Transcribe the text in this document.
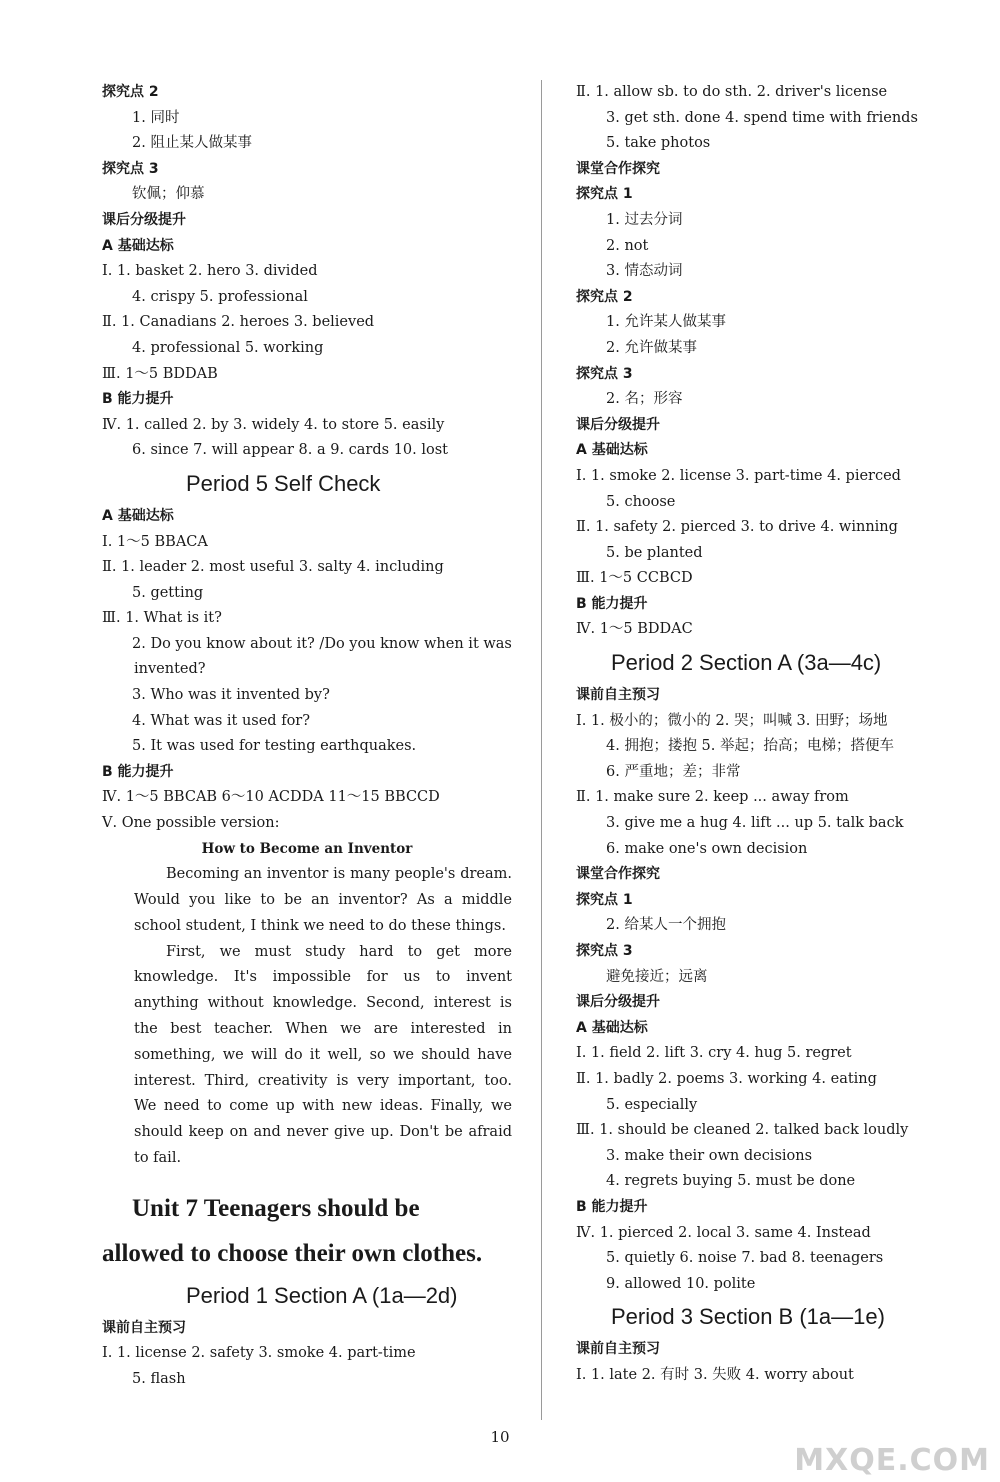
探究点 2
1. 同时
2. 阻止某人做某事
探究点 3
钦佩；仰慕
课后分级提升
A 基础达标
Ⅰ. 1. basket 2. hero 3. divided
4. crispy 5. professional
Ⅱ. 1. Canadians 2. heroes 3. believed
4. professional 5. working
Ⅲ. 1～5 BDDAB
B 能力提升
Ⅳ. 1. called 2. by 3. widely 4. to store 5. easily
6. since 7. will appear 8. a 9. cards 10. lost
Period 5 Self Check
A 基础达标
Ⅰ. 1～5 BBACA
Ⅱ. 1. leader 2. most useful 3. salty 4. including
5. getting
Ⅲ. 1. What is it?
2. Do you know about it? /Do you know when it was
invented?
3. Who was it invented by?
4. What was it used for?
5. It was used for testing earthquakes.
B 能力提升
Ⅳ. 1～5 BBCAB 6～10 ACDDA 11～15 BBCCD
Ⅴ. One possible version:
How to Become an Inventor
Becoming an inventor is many people's dream. Would you like to be an inventor? As a middle school student, I think we need to do these things.
First, we must study hard to get more knowledge. It's impossible for us to invent anything without knowledge. Second, interest is the best teacher. When we are interested in something, we will do it well, so we should have interest. Third, creativity is very important, too. We need to come up with new ideas. Finally, we should keep on and never give up. Don't be afraid to fail.
Unit 7 Teenagers should be
allowed to choose their own clothes.
Period 1 Section A (1a—2d)
课前自主预习
Ⅰ. 1. license 2. safety 3. smoke 4. part-time
5. flash
Ⅱ. 1. allow sb. to do sth. 2. driver's license
3. get sth. done 4. spend time with friends
5. take photos
课堂合作探究
探究点 1
1. 过去分词
2. not
3. 情态动词
探究点 2
1. 允许某人做某事
2. 允许做某事
探究点 3
2. 名；形容
课后分级提升
A 基础达标
Ⅰ. 1. smoke 2. license 3. part-time 4. pierced
5. choose
Ⅱ. 1. safety 2. pierced 3. to drive 4. winning
5. be planted
Ⅲ. 1～5 CCBCD
B 能力提升
Ⅳ. 1～5 BDDAC
Period 2 Section A (3a—4c)
课前自主预习
Ⅰ. 1. 极小的；微小的 2. 哭；叫喊 3. 田野；场地
4. 拥抱；搂抱 5. 举起；抬高；电梯；搭便车
6. 严重地；差；非常
Ⅱ. 1. make sure 2. keep ... away from
3. give me a hug 4. lift ... up 5. talk back
6. make one's own decision
课堂合作探究
探究点 1
2. 给某人一个拥抱
探究点 3
避免接近；远离
课后分级提升
A 基础达标
Ⅰ. 1. field 2. lift 3. cry 4. hug 5. regret
Ⅱ. 1. badly 2. poems 3. working 4. eating
5. especially
Ⅲ. 1. should be cleaned 2. talked back loudly
3. make their own decisions
4. regrets buying 5. must be done
B 能力提升
Ⅳ. 1. pierced 2. local 3. same 4. Instead
5. quietly 6. noise 7. bad 8. teenagers
9. allowed 10. polite
Period 3 Section B (1a—1e)
课前自主预习
Ⅰ. 1. late 2. 有时 3. 失败 4. worry about
10
MXQE.COM
